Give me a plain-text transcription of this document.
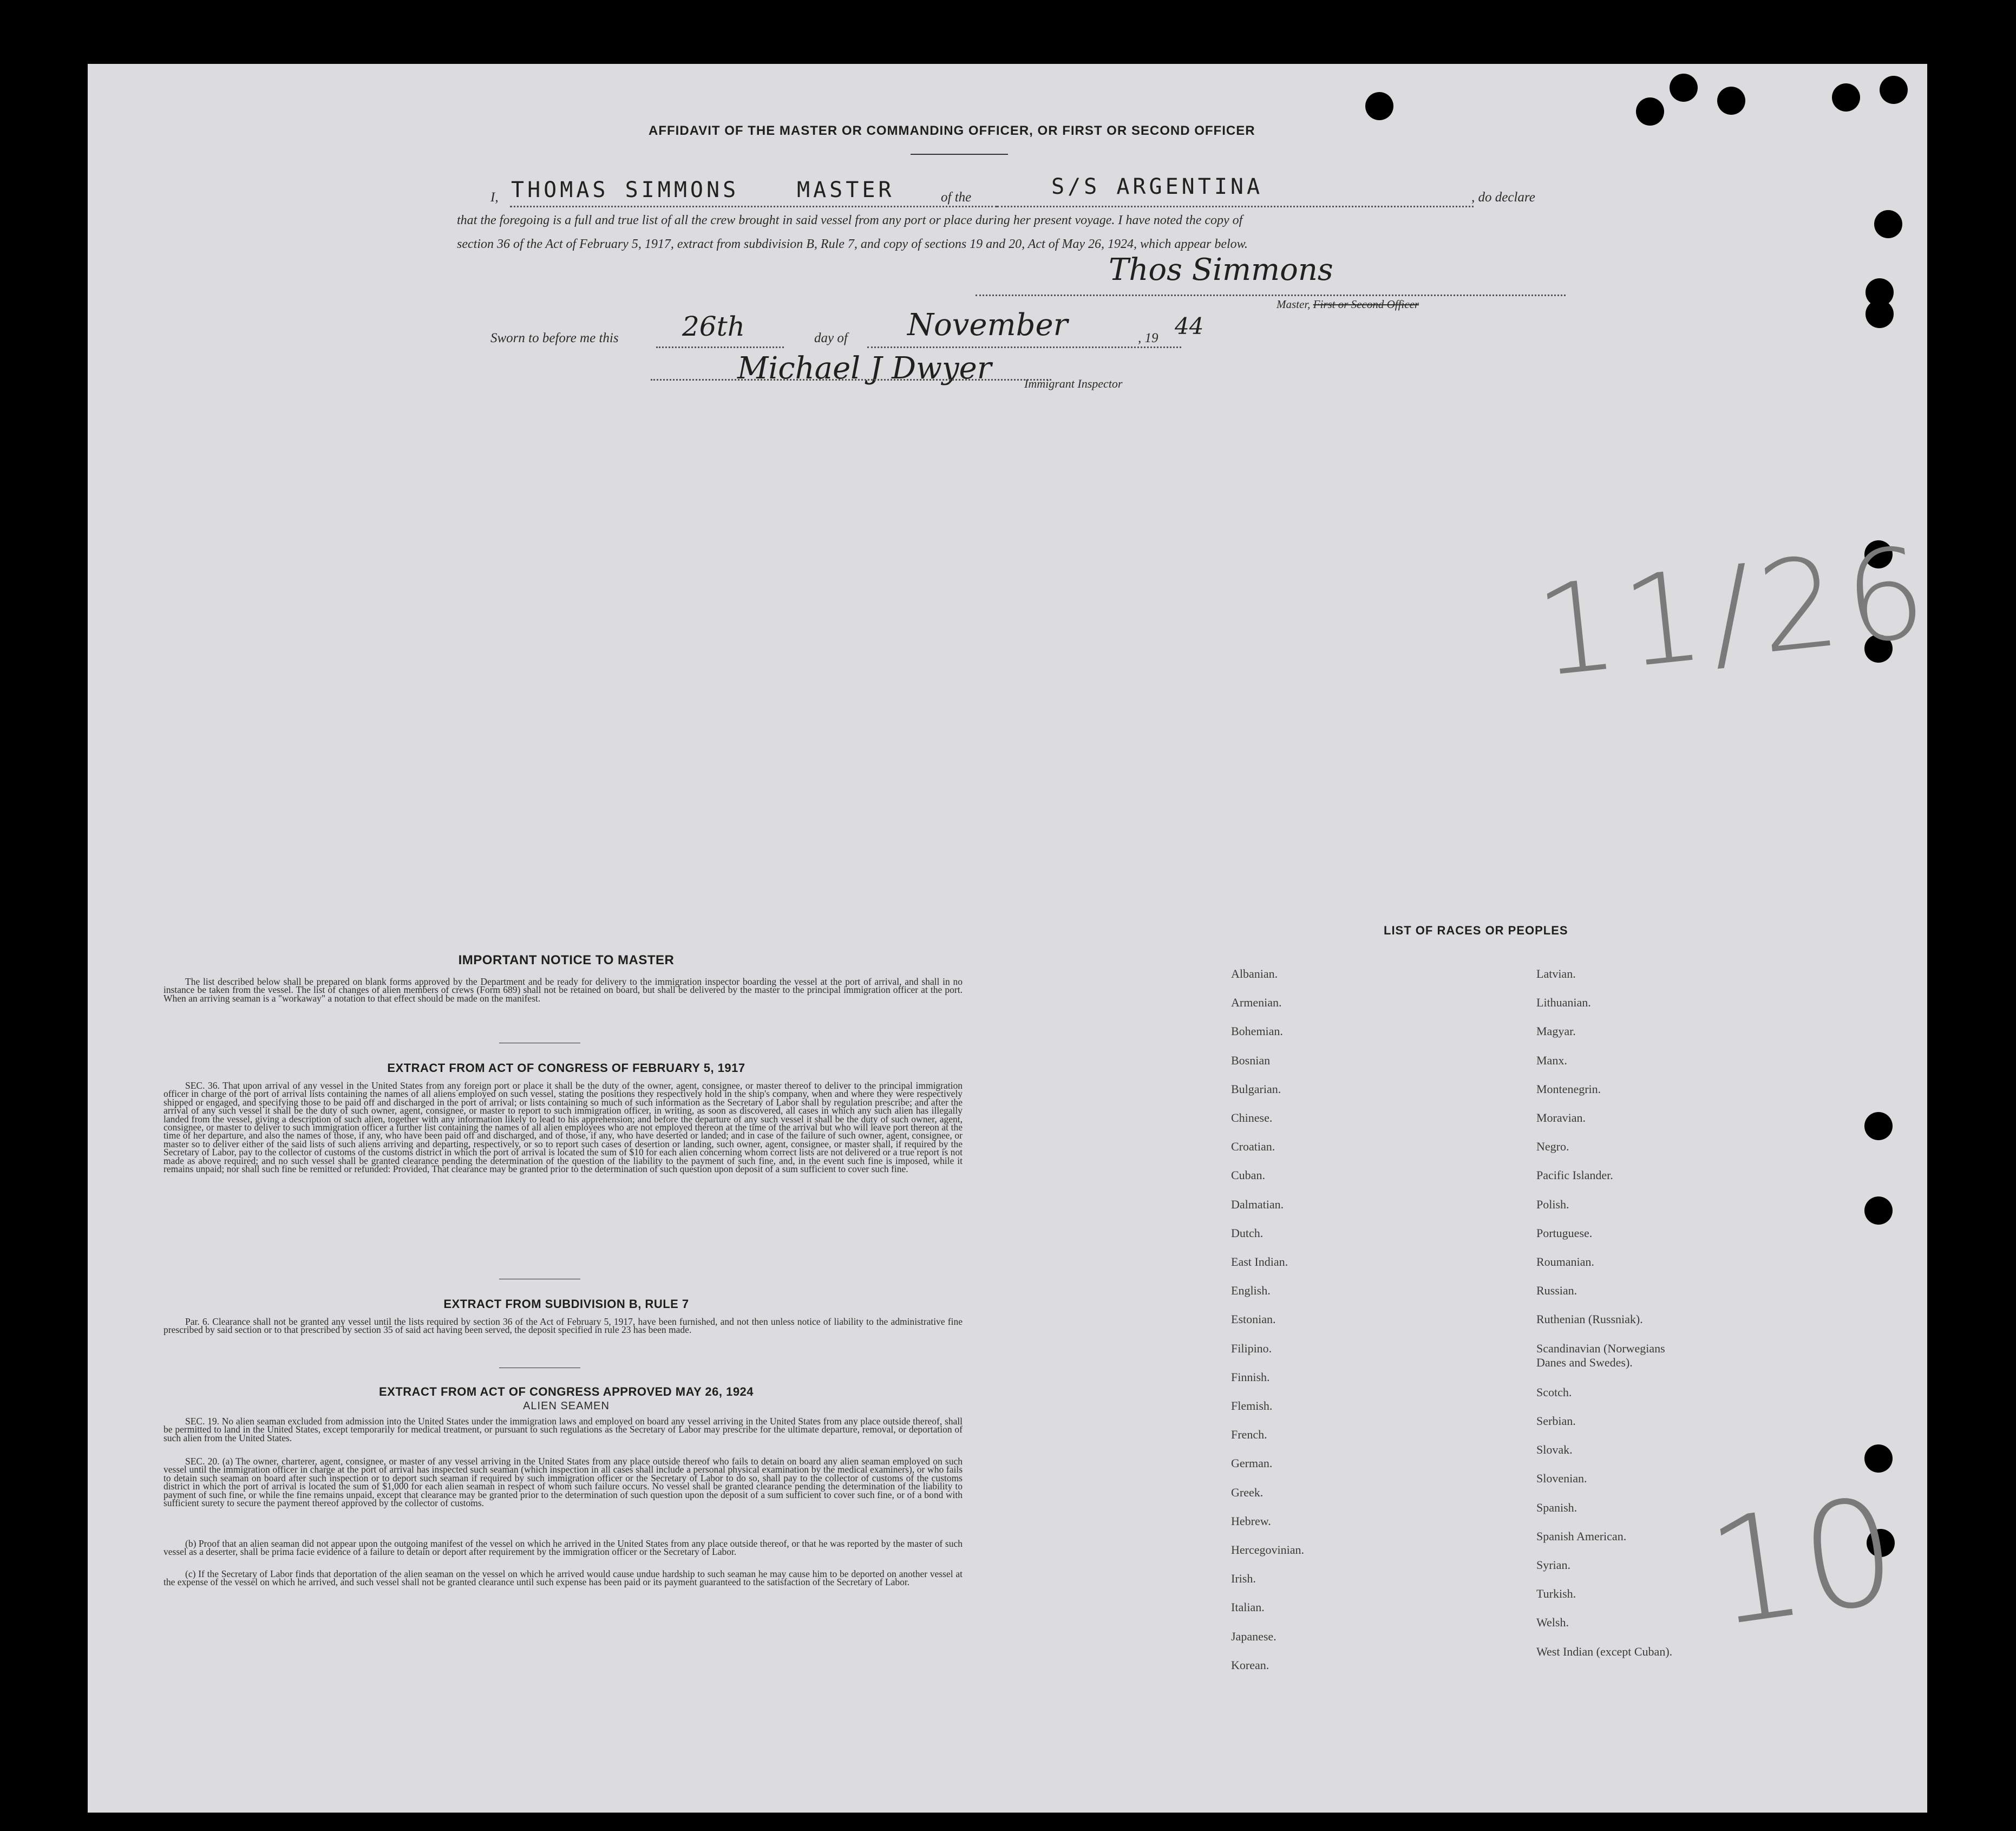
AFFIDAVIT OF THE MASTER OR COMMANDING OFFICER, OR FIRST OR SECOND OFFICER
I, THOMAS SIMMONS	MASTER	of the	S/S ARGENTINA	, do declare
that the foregoing is a full and true list of all the crew brought in said vessel from any port or place during her present voyage. I have noted the copy of
section 36 of the Act of February 5, 1917, extract from subdivision B, Rule 7, and copy of sections 19 and 20, Act of May 26, 1924, which appear below.
Thos Simmons
Master, First or Second Officer
Sworn to before me this 26th	day of November	, 19 44
Michael J Dwyer	Immigrant Inspector
11/26
10
IMPORTANT NOTICE TO MASTER
The list described below shall be prepared on blank forms approved by the Department and be ready for delivery to the immigration inspector boarding the vessel at the port of arrival, and shall in no instance be taken from the vessel. The list of changes of alien members of crews (Form 689) shall not be retained on board, but shall be delivered by the master to the principal immigration officer at the port. When an arriving seaman is a "workaway" a notation to that effect should be made on the manifest.
EXTRACT FROM ACT OF CONGRESS OF FEBRUARY 5, 1917
SEC. 36. That upon arrival of any vessel in the United States from any foreign port or place it shall be the duty of the owner, agent, consignee, or master thereof to deliver to the principal immigration officer in charge of the port of arrival lists containing the names of all aliens employed on such vessel, stating the positions they respectively hold in the ship's company, when and where they were respectively shipped or engaged, and specifying those to be paid off and discharged in the port of arrival; or lists containing so much of such information as the Secretary of Labor shall by regulation prescribe; and after the arrival of any such vessel it shall be the duty of such owner, agent, consignee, or master to report to such immigration officer, in writing, as soon as discovered, all cases in which any such alien has illegally landed from the vessel, giving a description of such alien, together with any information likely to lead to his apprehension; and before the departure of any such vessel it shall be the duty of such owner, agent, consignee, or master to deliver to such immigration officer a further list containing the names of all alien employees who are not employed thereon at the time of the arrival but who will leave port thereon at the time of her departure, and also the names of those, if any, who have been paid off and discharged, and of those, if any, who have deserted or landed; and in case of the failure of such owner, agent, consignee, or master so to deliver either of the said lists of such aliens arriving and departing, respectively, or so to report such cases of desertion or landing, such owner, agent, consignee, or master shall, if required by the Secretary of Labor, pay to the collector of customs of the customs district in which the port of arrival is located the sum of $10 for each alien concerning whom correct lists are not delivered or a true report is not made as above required; and no such vessel shall be granted clearance pending the determination of the question of the liability to the payment of such fine, and, in the event such fine is imposed, while it remains unpaid; nor shall such fine be remitted or refunded: Provided, That clearance may be granted prior to the determination of such question upon deposit of a sum sufficient to cover such fine.
EXTRACT FROM SUBDIVISION B, RULE 7
Par. 6. Clearance shall not be granted any vessel until the lists required by section 36 of the Act of February 5, 1917, have been furnished, and not then unless notice of liability to the administrative fine prescribed by said section or to that prescribed by section 35 of said act having been served, the deposit specified in rule 23 has been made.
EXTRACT FROM ACT OF CONGRESS APPROVED MAY 26, 1924
ALIEN SEAMEN
SEC. 19. No alien seaman excluded from admission into the United States under the immigration laws and employed on board any vessel arriving in the United States from any place outside thereof, shall be permitted to land in the United States, except temporarily for medical treatment, or pursuant to such regulations as the Secretary of Labor may prescribe for the ultimate departure, removal, or deportation of such alien from the United States.
SEC. 20. (a) The owner, charterer, agent, consignee, or master of any vessel arriving in the United States from any place outside thereof who fails to detain on board any alien seaman employed on such vessel until the immigration officer in charge at the port of arrival has inspected such seaman (which inspection in all cases shall include a personal physical examination by the medical examiners), or who fails to detain such seaman on board after such inspection or to deport such seaman if required by such immigration officer or the Secretary of Labor to do so, shall pay to the collector of customs of the customs district in which the port of arrival is located the sum of $1,000 for each alien seaman in respect of whom such failure occurs. No vessel shall be granted clearance pending the determination of the liability to payment of such fine, or while the fine remains unpaid, except that clearance may be granted prior to the determination of such question upon the deposit of a sum sufficient to cover such fine, or of a bond with sufficient surety to secure the payment thereof approved by the collector of customs.
(b) Proof that an alien seaman did not appear upon the outgoing manifest of the vessel on which he arrived in the United States from any place outside thereof, or that he was reported by the master of such vessel as a deserter, shall be prima facie evidence of a failure to detain or deport after requirement by the immigration officer or the Secretary of Labor.
(c) If the Secretary of Labor finds that deportation of the alien seaman on the vessel on which he arrived would cause undue hardship to such seaman he may cause him to be deported on another vessel at the expense of the vessel on which he arrived, and such vessel shall not be granted clearance until such expense has been paid or its payment guaranteed to the satisfaction of the Secretary of Labor.
LIST OF RACES OR PEOPLES
Albanian.
Armenian.
Bohemian.
Bosnian
Bulgarian.
Chinese.
Croatian.
Cuban.
Dalmatian.
Dutch.
East Indian.
English.
Estonian.
Filipino.
Finnish.
Flemish.
French.
German.
Greek.
Hebrew.
Hercegovinian.
Irish.
Italian.
Japanese.
Korean.
Latvian.
Lithuanian.
Magyar.
Manx.
Montenegrin.
Moravian.
Negro.
Pacific Islander.
Polish.
Portuguese.
Roumanian.
Russian.
Ruthenian (Russniak).
Scandinavian (Norwegians
Danes and Swedes).
Scotch.
Serbian.
Slovak.
Slovenian.
Spanish.
Spanish American.
Syrian.
Turkish.
Welsh.
West Indian (except Cuban).
